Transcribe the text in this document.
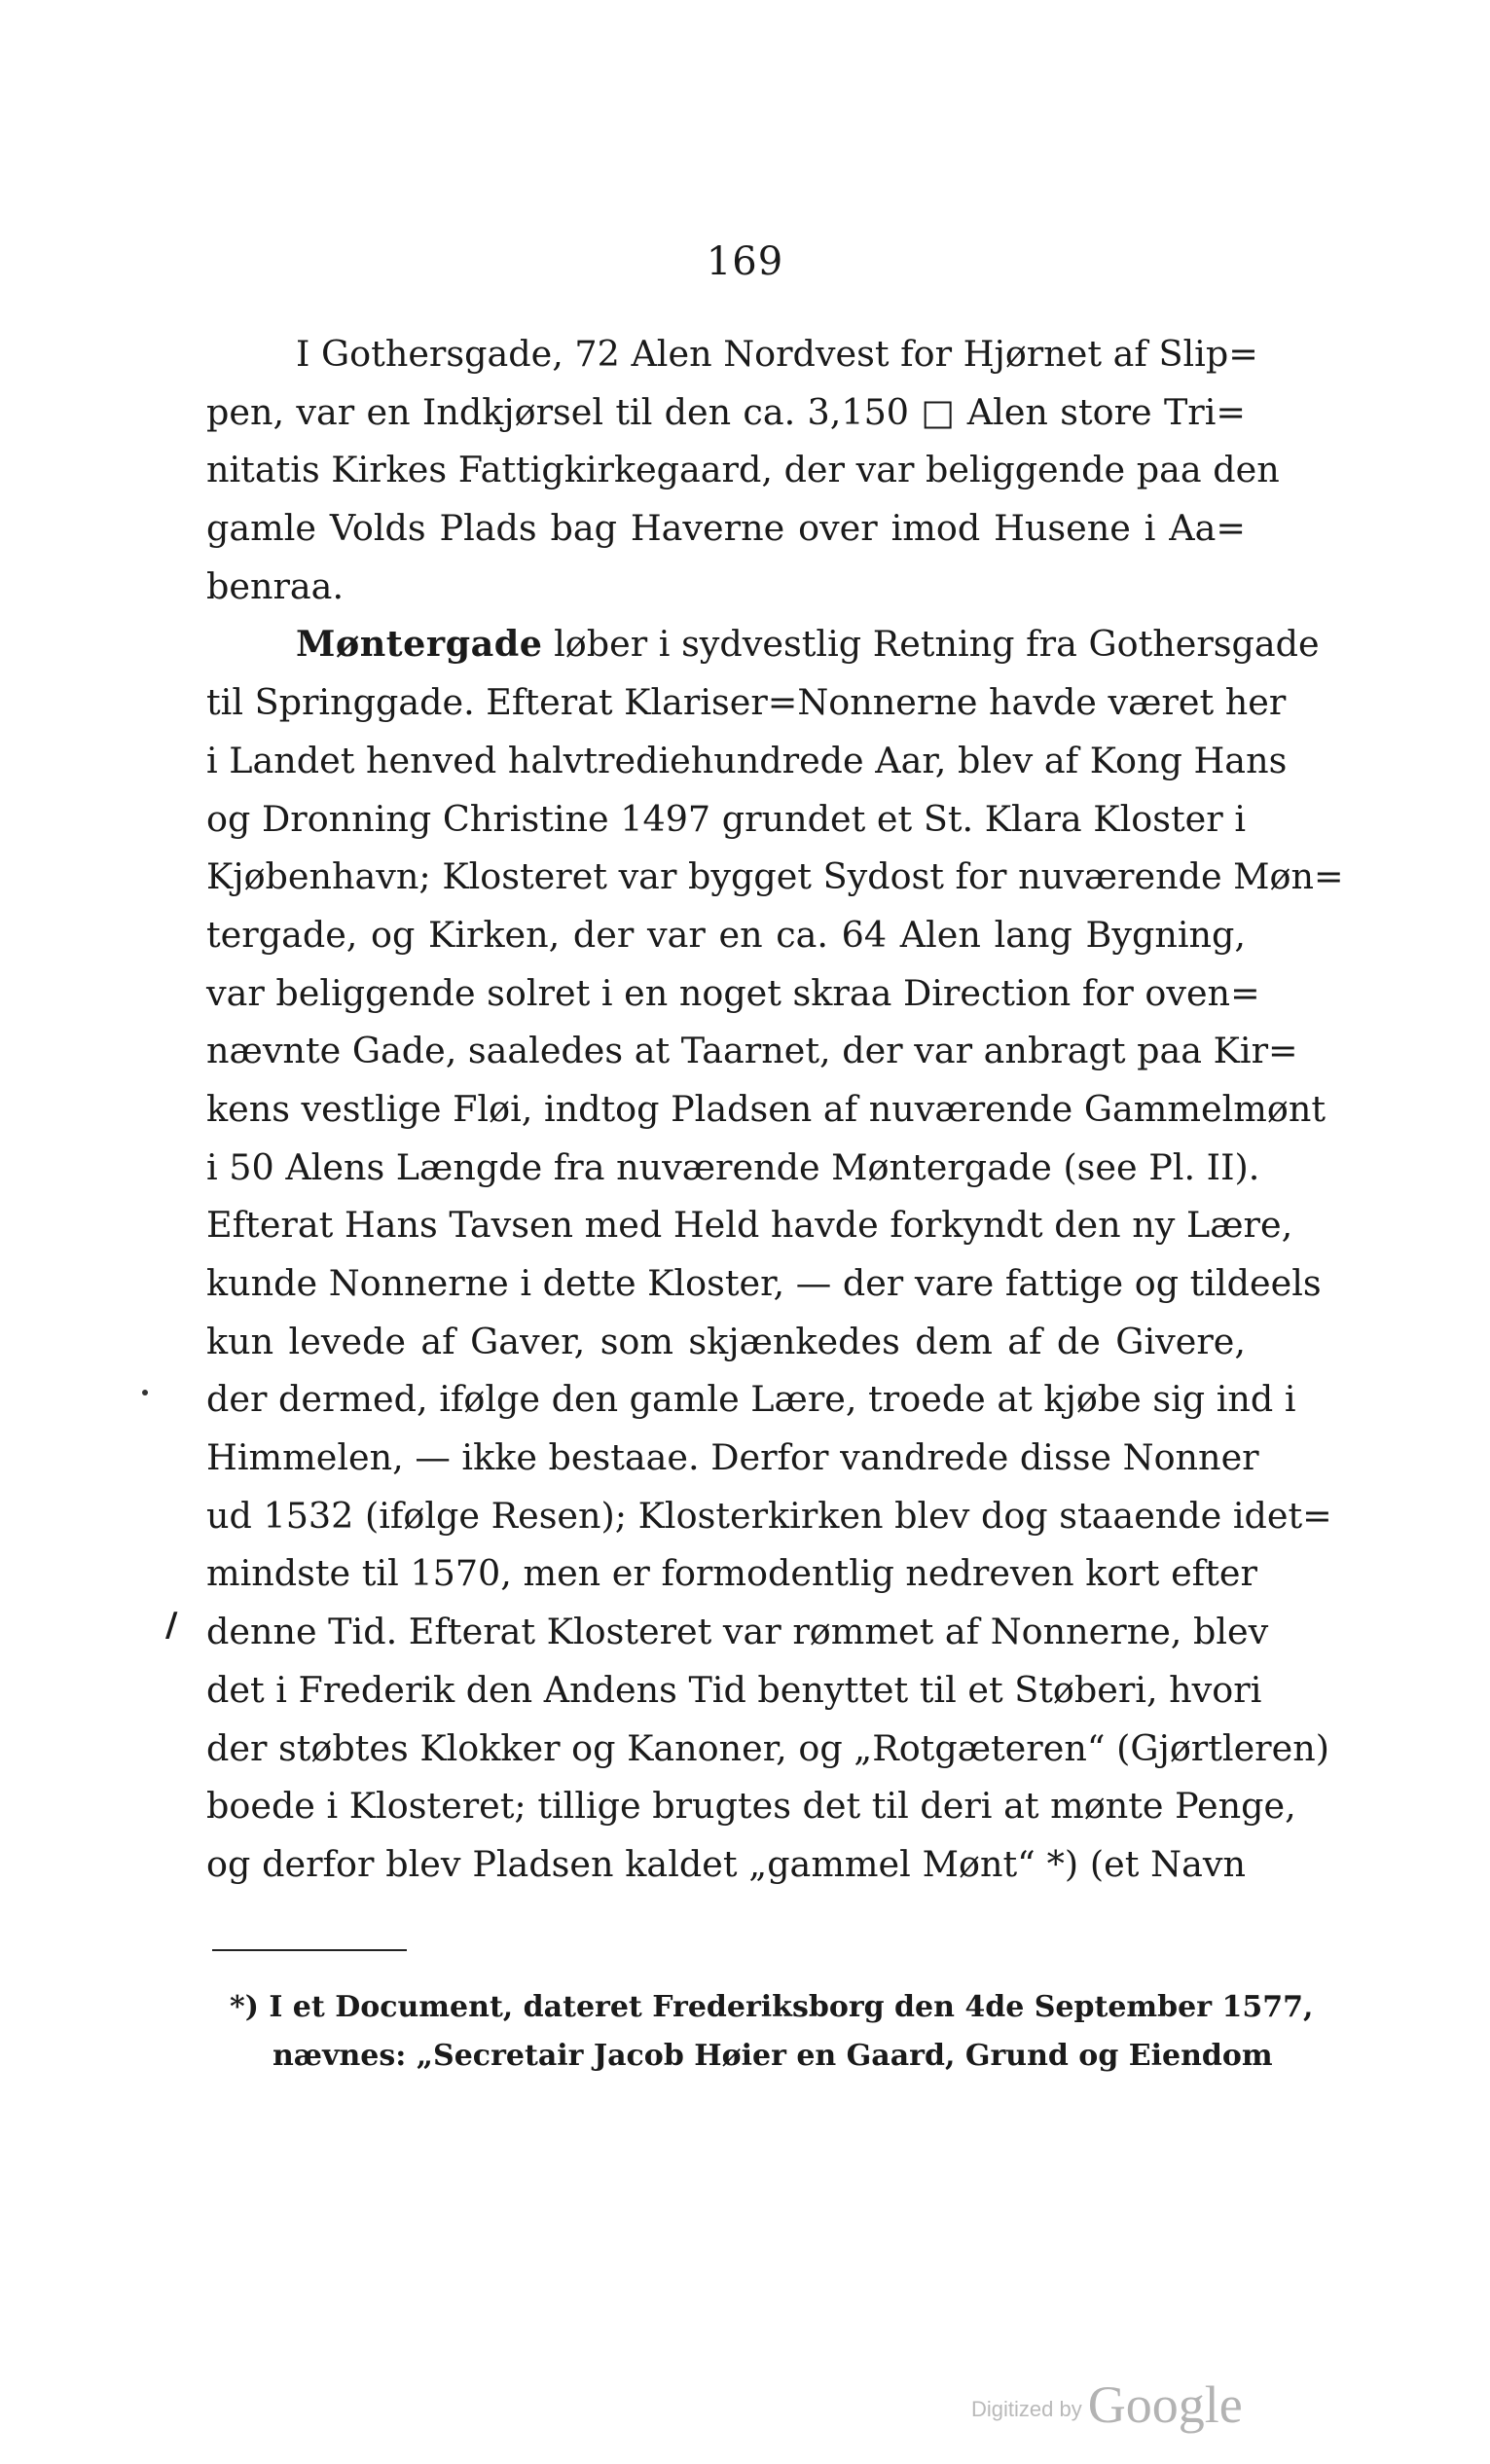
169
I Gothersgade, 72 Alen Nordvest for Hjørnet af Slip=
pen, var en Indkjørsel til den ca. 3,150 □ Alen store Tri=
nitatis Kirkes Fattigkirkegaard, der var beliggende paa den
gamle Volds Plads bag Haverne over imod Husene i Aa=
benraa.
Møntergade løber i sydvestlig Retning fra Gothersgade
til Springgade. Efterat Klariser=Nonnerne havde været her
i Landet henved halvtrediehundrede Aar, blev af Kong Hans
og Dronning Christine 1497 grundet et St. Klara Kloster i
Kjøbenhavn; Klosteret var bygget Sydost for nuværende Møn=
tergade, og Kirken, der var en ca. 64 Alen lang Bygning,
var beliggende solret i en noget skraa Direction for oven=
nævnte Gade, saaledes at Taarnet, der var anbragt paa Kir=
kens vestlige Fløi, indtog Pladsen af nuværende Gammelmønt
i 50 Alens Længde fra nuværende Møntergade (see Pl. II).
Efterat Hans Tavsen med Held havde forkyndt den ny Lære,
kunde Nonnerne i dette Kloster, — der vare fattige og tildeels
kun levede af Gaver, som skjænkedes dem af de Givere,
der dermed, ifølge den gamle Lære, troede at kjøbe sig ind i
Himmelen, — ikke bestaae. Derfor vandrede disse Nonner
ud 1532 (ifølge Resen); Klosterkirken blev dog staaende idet=
mindste til 1570, men er formodentlig nedreven kort efter
denne Tid. Efterat Klosteret var rømmet af Nonnerne, blev
det i Frederik den Andens Tid benyttet til et Støberi, hvori
der støbtes Klokker og Kanoner, og „Rotgæteren“ (Gjørtleren)
boede i Klosteret; tillige brugtes det til deri at mønte Penge,
og derfor blev Pladsen kaldet „gammel Mønt“ *) (et Navn
/
*) I et Document, dateret Frederiksborg den 4de September 1577,
nævnes: „Secretair Jacob Høier en Gaard, Grund og Eiendom
Digitized by Google
